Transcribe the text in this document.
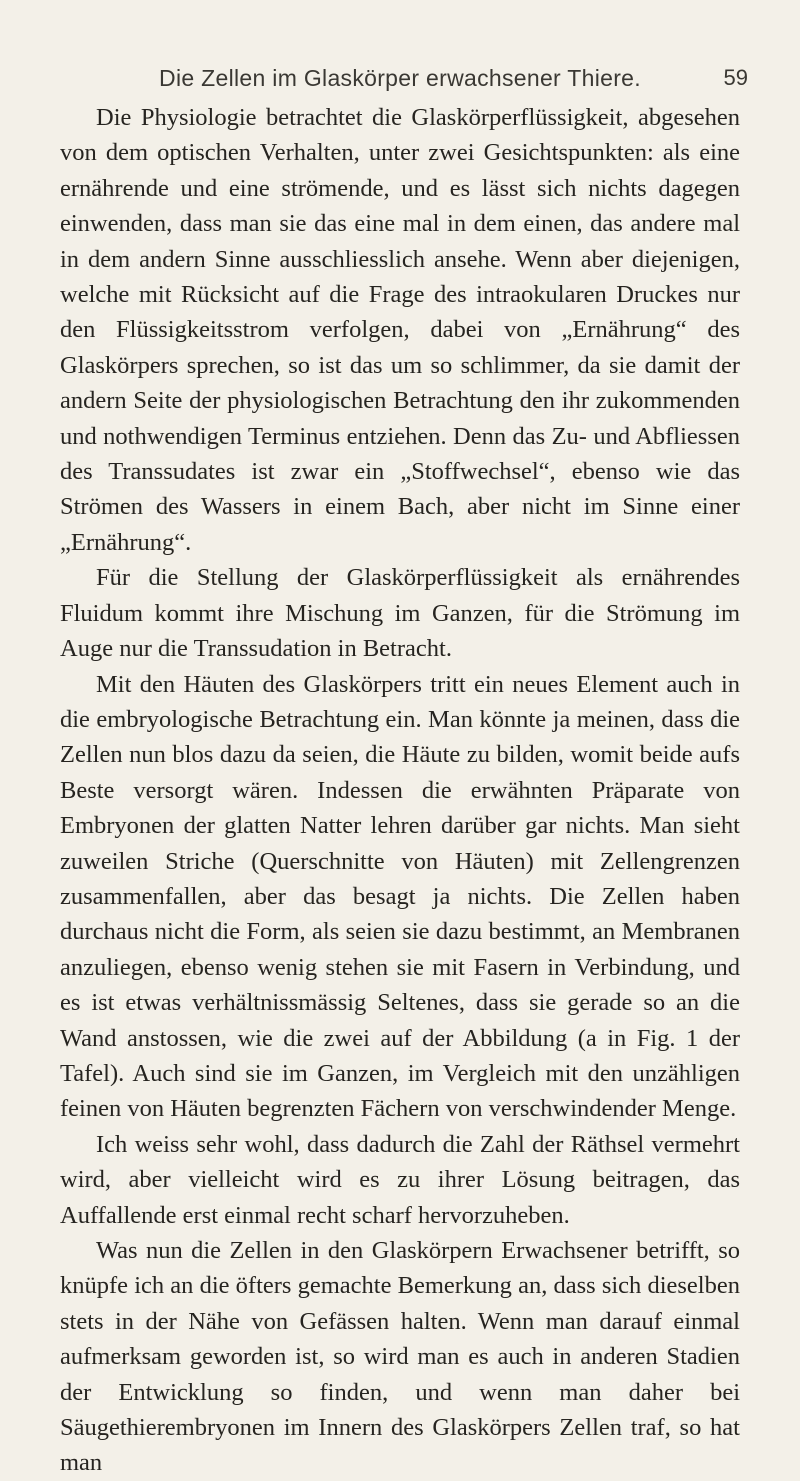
Die Zellen im Glaskörper erwachsener Thiere.	59

Die Physiologie betrachtet die Glaskörperflüssigkeit, abgesehen von dem optischen Verhalten, unter zwei Gesichtspunkten: als eine ernährende und eine strömende, und es lässt sich nichts dagegen einwenden, dass man sie das eine mal in dem einen, das andere mal in dem andern Sinne ausschliesslich ansehe. Wenn aber diejenigen, welche mit Rücksicht auf die Frage des intraokularen Druckes nur den Flüssigkeitsstrom verfolgen, dabei von „Ernährung“ des Glaskörpers sprechen, so ist das um so schlimmer, da sie damit der andern Seite der physiologischen Betrachtung den ihr zukommenden und nothwendigen Terminus entziehen. Denn das Zu- und Abfliessen des Transsudates ist zwar ein „Stoffwechsel“, ebenso wie das Strömen des Wassers in einem Bach, aber nicht im Sinne einer „Ernährung“.

Für die Stellung der Glaskörperflüssigkeit als ernährendes Fluidum kommt ihre Mischung im Ganzen, für die Strömung im Auge nur die Transsudation in Betracht.

Mit den Häuten des Glaskörpers tritt ein neues Element auch in die embryologische Betrachtung ein. Man könnte ja meinen, dass die Zellen nun blos dazu da seien, die Häute zu bilden, womit beide aufs Beste versorgt wären. Indessen die erwähnten Präparate von Embryonen der glatten Natter lehren darüber gar nichts. Man sieht zuweilen Striche (Querschnitte von Häuten) mit Zellengrenzen zusammenfallen, aber das besagt ja nichts. Die Zellen haben durchaus nicht die Form, als seien sie dazu bestimmt, an Membranen anzuliegen, ebenso wenig stehen sie mit Fasern in Verbindung, und es ist etwas verhältnissmässig Seltenes, dass sie gerade so an die Wand anstossen, wie die zwei auf der Abbildung (a in Fig. 1 der Tafel). Auch sind sie im Ganzen, im Vergleich mit den unzähligen feinen von Häuten begrenzten Fächern von verschwindender Menge.

Ich weiss sehr wohl, dass dadurch die Zahl der Räthsel vermehrt wird, aber vielleicht wird es zu ihrer Lösung beitragen, das Auffallende erst einmal recht scharf hervorzuheben.

Was nun die Zellen in den Glaskörpern Erwachsener betrifft, so knüpfe ich an die öfters gemachte Bemerkung an, dass sich dieselben stets in der Nähe von Gefässen halten. Wenn man darauf einmal aufmerksam geworden ist, so wird man es auch in anderen Stadien der Entwicklung so finden, und wenn man daher bei Säugethierembryonen im Innern des Glaskörpers Zellen traf, so hat man
